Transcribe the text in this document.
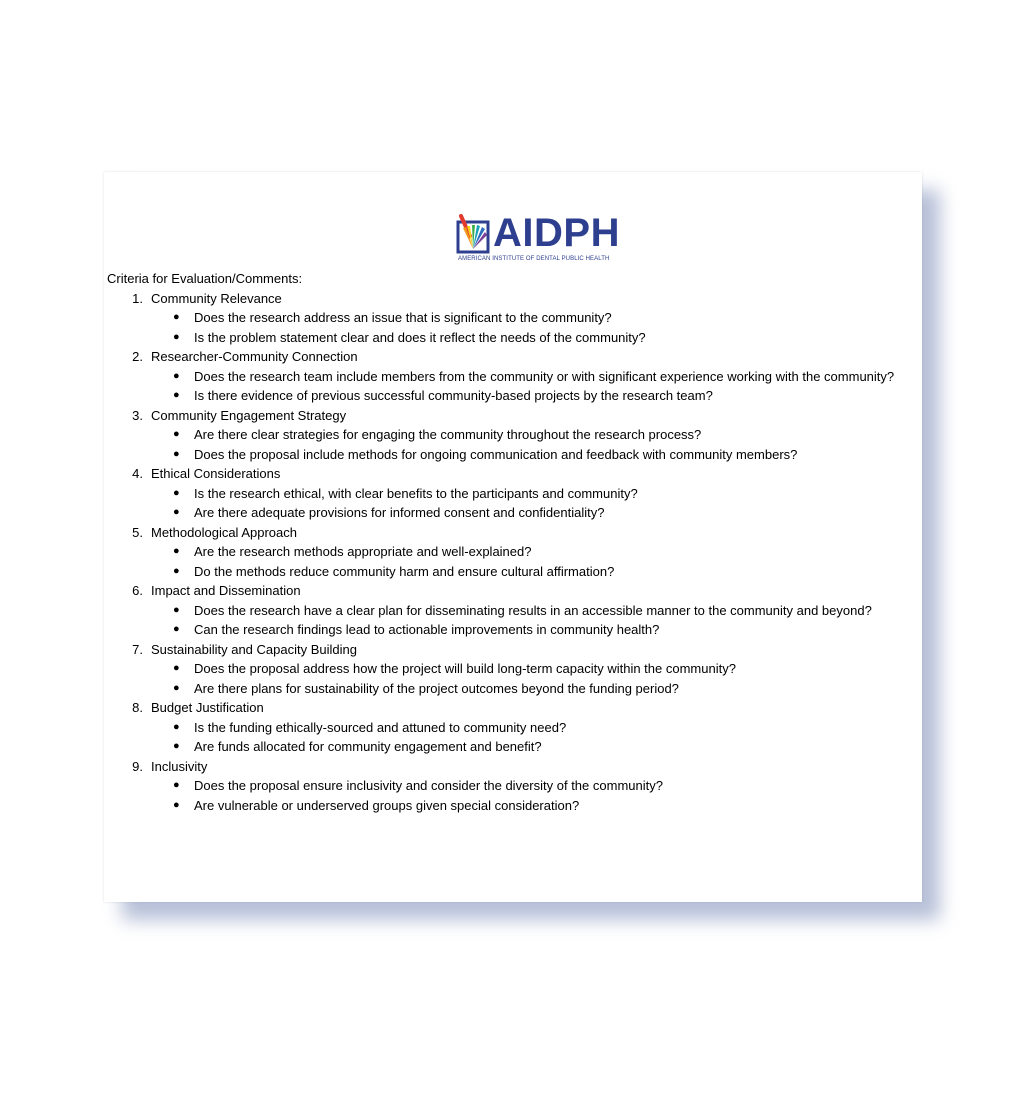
AIDPH
AMERICAN INSTITUTE OF DENTAL PUBLIC HEALTH

Criteria for Evaluation/Comments:

1. Community Relevance
● Does the research address an issue that is significant to the community?
● Is the problem statement clear and does it reflect the needs of the community?
2. Researcher-Community Connection
● Does the research team include members from the community or with significant experience working with the community?
● Is there evidence of previous successful community-based projects by the research team?
3. Community Engagement Strategy
● Are there clear strategies for engaging the community throughout the research process?
● Does the proposal include methods for ongoing communication and feedback with community members?
4. Ethical Considerations
● Is the research ethical, with clear benefits to the participants and community?
● Are there adequate provisions for informed consent and confidentiality?
5. Methodological Approach
● Are the research methods appropriate and well-explained?
● Do the methods reduce community harm and ensure cultural affirmation?
6. Impact and Dissemination
● Does the research have a clear plan for disseminating results in an accessible manner to the community and beyond?
● Can the research findings lead to actionable improvements in community health?
7. Sustainability and Capacity Building
● Does the proposal address how the project will build long-term capacity within the community?
● Are there plans for sustainability of the project outcomes beyond the funding period?
8. Budget Justification
● Is the funding ethically-sourced and attuned to community need?
● Are funds allocated for community engagement and benefit?
9. Inclusivity
● Does the proposal ensure inclusivity and consider the diversity of the community?
● Are vulnerable or underserved groups given special consideration?
